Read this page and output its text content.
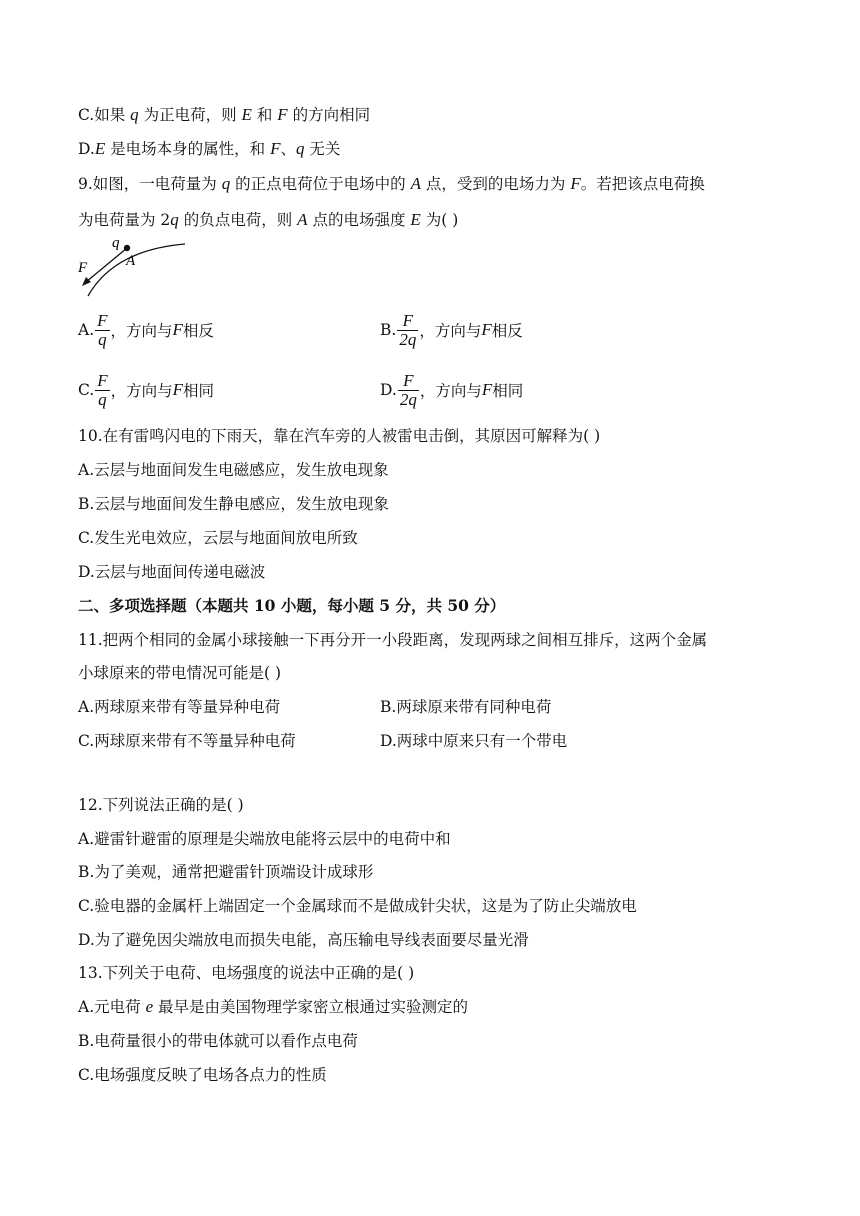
C.如果 q 为正电荷，则 E 和 F 的方向相同
D.E 是电场本身的属性，和 F、q 无关
9.如图，一电荷量为 q 的正点电荷位于电场中的 A 点，受到的电场力为 F。若把该点电荷换
为电荷量为 2q 的负点电荷，则 A 点的电场强度 E 为( )
q
A
F
A. $\frac{F}{q}$ ，方向与 F 相反	B. $\frac{F}{2q}$ ，方向与 F 相反
C. $\frac{F}{q}$ ，方向与 F 相同	D. $\frac{F}{2q}$ ，方向与 F 相同
10.在有雷鸣闪电的下雨天，靠在汽车旁的人被雷电击倒，其原因可解释为( )
A.云层与地面间发生电磁感应，发生放电现象
B.云层与地面间发生静电感应，发生放电现象
C.发生光电效应，云层与地面间放电所致
D.云层与地面间传递电磁波
二、多项选择题（本题共 10 小题，每小题 5 分，共 50 分）
11.把两个相同的金属小球接触一下再分开一小段距离，发现两球之间相互排斥，这两个金属
小球原来的带电情况可能是( )
A.两球原来带有等量异种电荷	B.两球原来带有同种电荷
C.两球原来带有不等量异种电荷	D.两球中原来只有一个带电
12.下列说法正确的是( )
A.避雷针避雷的原理是尖端放电能将云层中的电荷中和
B.为了美观，通常把避雷针顶端设计成球形
C.验电器的金属杆上端固定一个金属球而不是做成针尖状，这是为了防止尖端放电
D.为了避免因尖端放电而损失电能，高压输电导线表面要尽量光滑
13.下列关于电荷、电场强度的说法中正确的是( )
A.元电荷 e 最早是由美国物理学家密立根通过实验测定的
B.电荷量很小的带电体就可以看作点电荷
C.电场强度反映了电场各点力的性质
